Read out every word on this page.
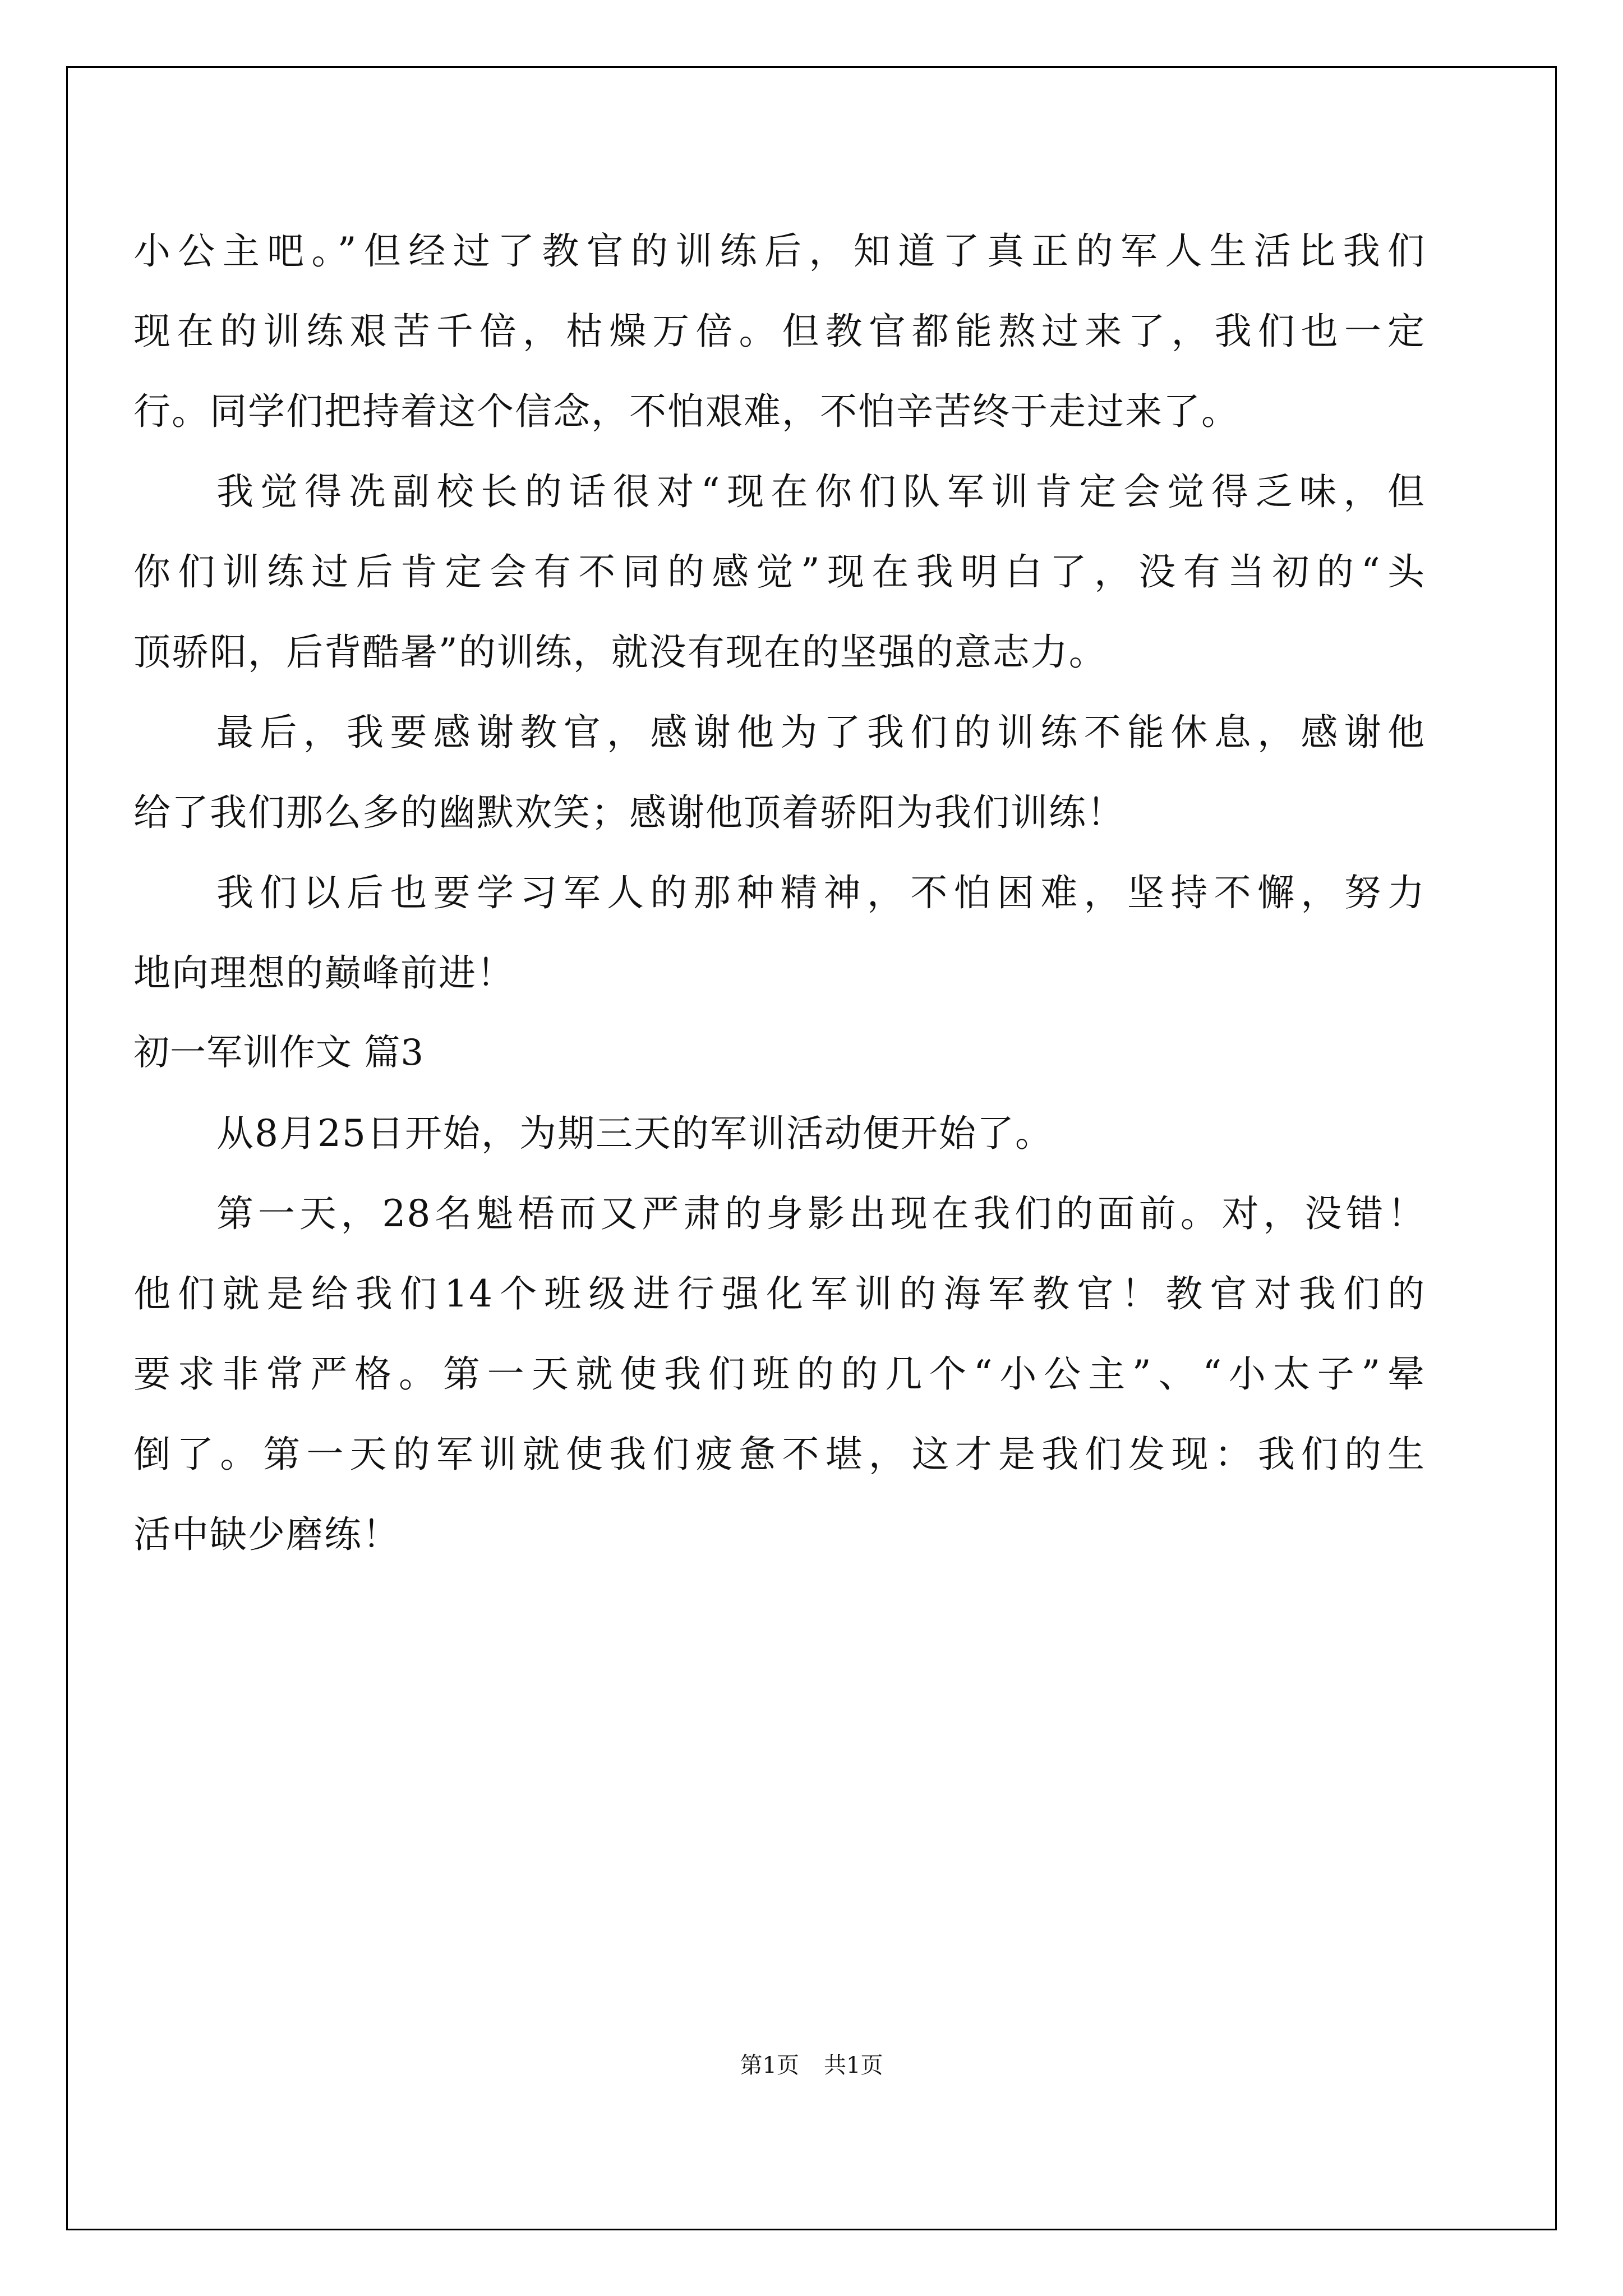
小公主吧。”但经过了教官的训练后，知道了真正的军人生活比我们
现在的训练艰苦千倍，枯燥万倍。但教官都能熬过来了，我们也一定
行。同学们把持着这个信念，不怕艰难，不怕辛苦终于走过来了。
我觉得冼副校长的话很对“现在你们队军训肯定会觉得乏味，但
你们训练过后肯定会有不同的感觉”现在我明白了，没有当初的“头
顶骄阳，后背酷暑”的训练，就没有现在的坚强的意志力。
最后，我要感谢教官，感谢他为了我们的训练不能休息，感谢他
给了我们那么多的幽默欢笑；感谢他顶着骄阳为我们训练！
我们以后也要学习军人的那种精神，不怕困难，坚持不懈，努力
地向理想的巅峰前进！
初一军训作文 篇3
从8月25日开始，为期三天的军训活动便开始了。
第一天，28名魁梧而又严肃的身影出现在我们的面前。对，没错！
他们就是给我们14个班级进行强化军训的海军教官！教官对我们的
要求非常严格。第一天就使我们班的的几个“小公主”、“小太子”晕
倒了。第一天的军训就使我们疲惫不堪，这才是我们发现：我们的生
活中缺少磨练！
第1页 共1页
